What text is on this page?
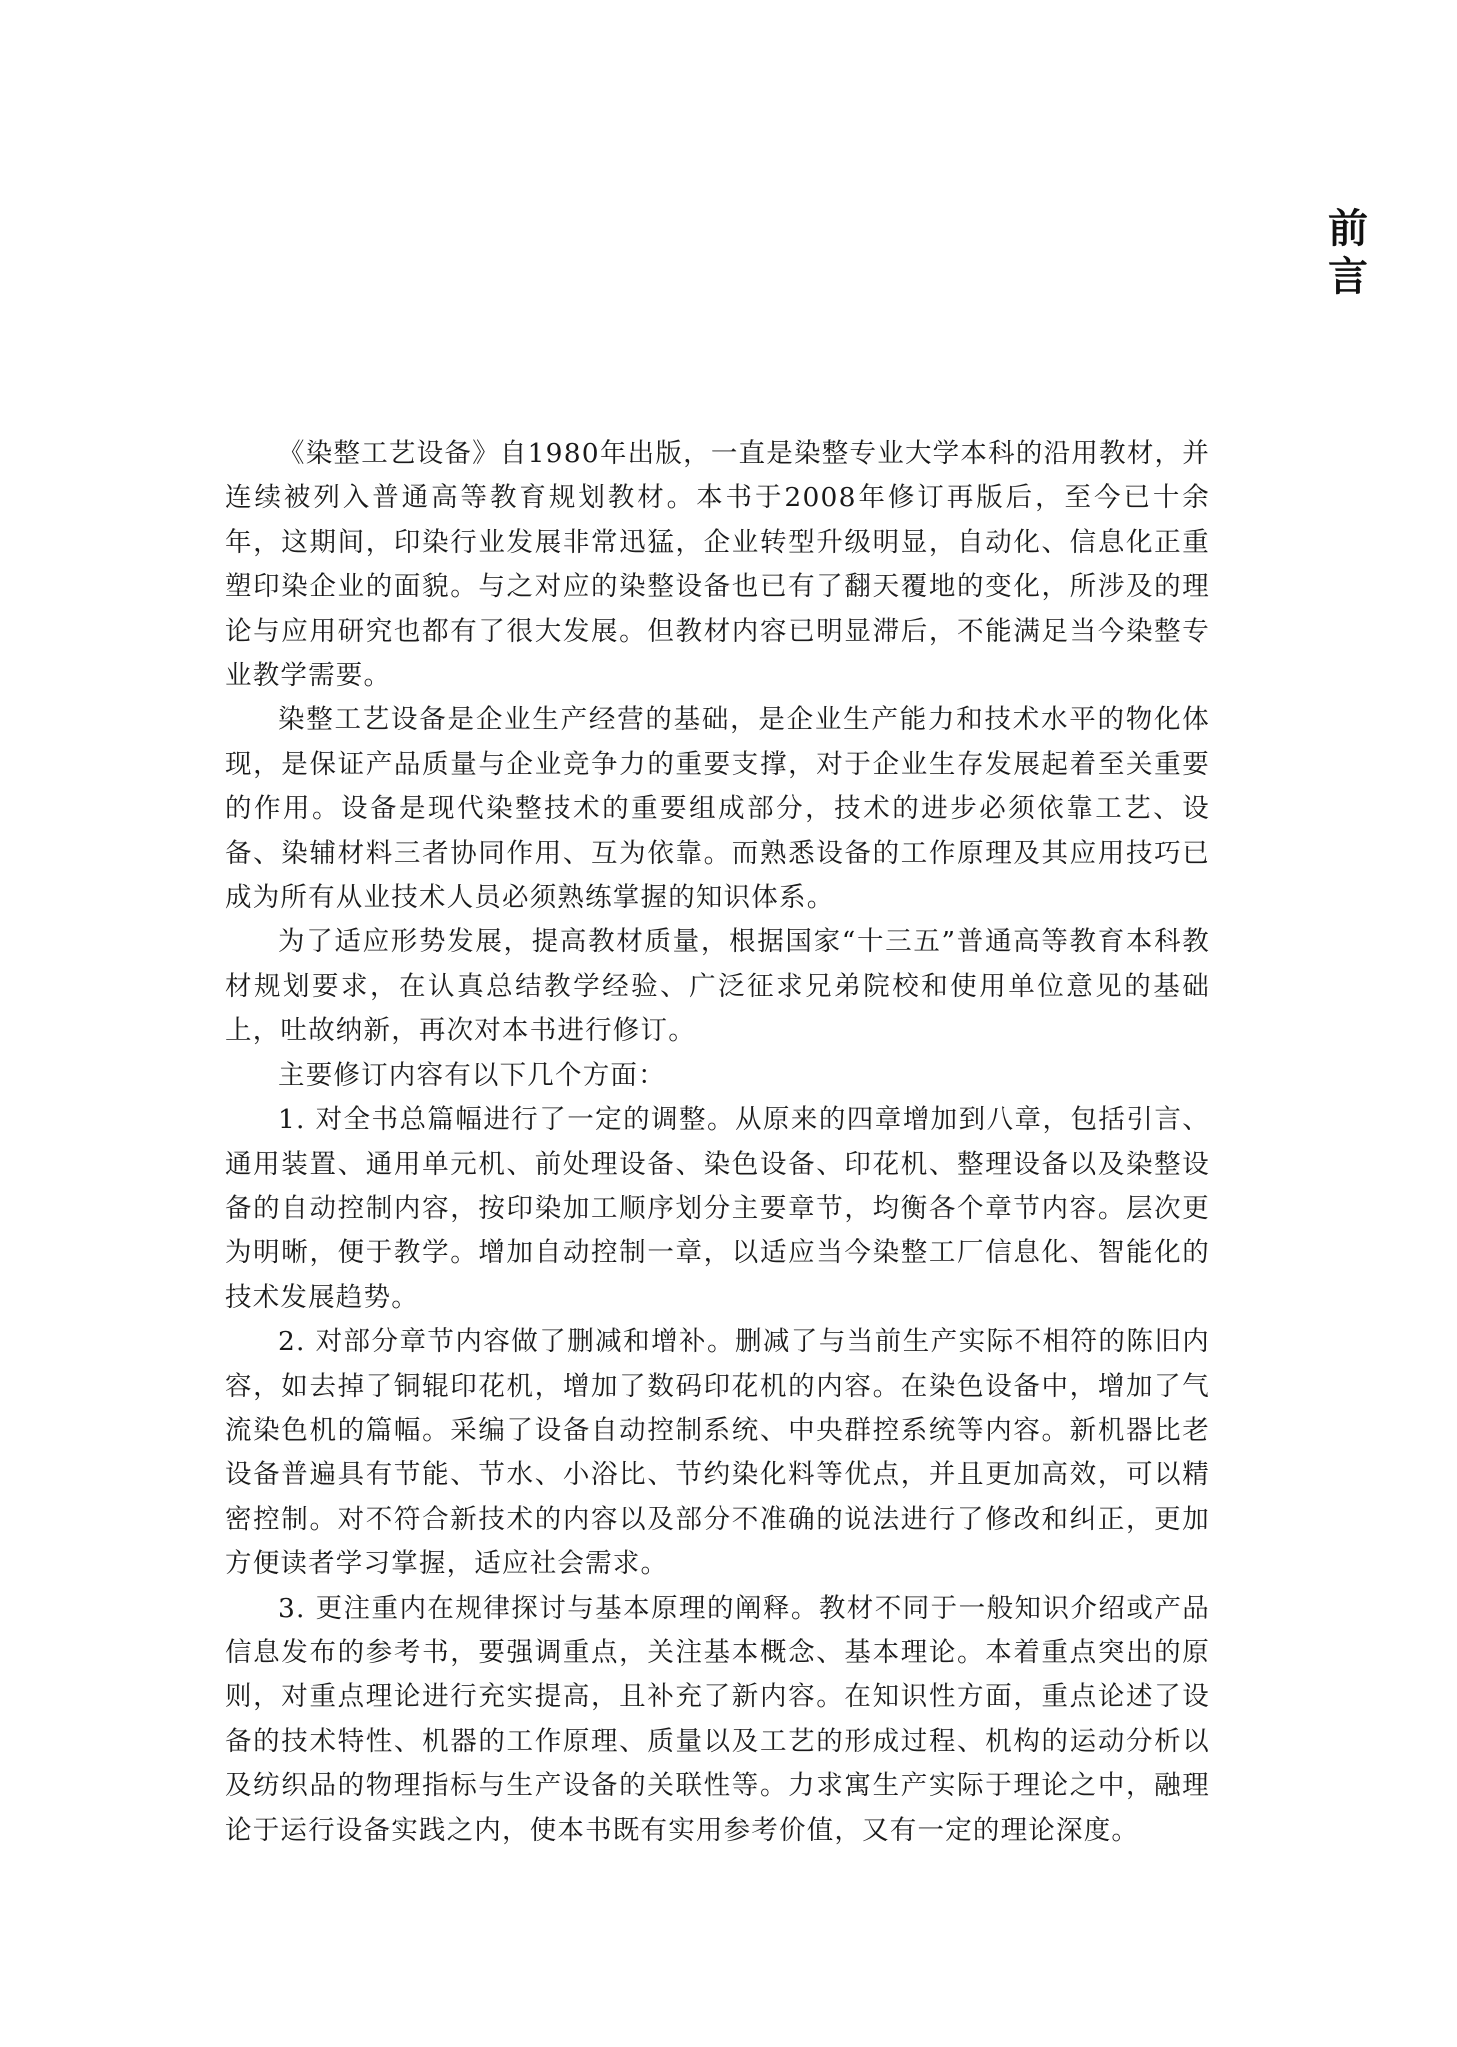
前
言

《染整工艺设备》自1980年出版，一直是染整专业大学本科的沿用教材，并连续被列入普通高等教育规划教材。本书于2008年修订再版后，至今已十余年，这期间，印染行业发展非常迅猛，企业转型升级明显，自动化、信息化正重塑印染企业的面貌。与之对应的染整设备也已有了翻天覆地的变化，所涉及的理论与应用研究也都有了很大发展。但教材内容已明显滞后，不能满足当今染整专业教学需要。

染整工艺设备是企业生产经营的基础，是企业生产能力和技术水平的物化体现，是保证产品质量与企业竞争力的重要支撑，对于企业生存发展起着至关重要的作用。设备是现代染整技术的重要组成部分，技术的进步必须依靠工艺、设备、染辅材料三者协同作用、互为依靠。而熟悉设备的工作原理及其应用技巧已成为所有从业技术人员必须熟练掌握的知识体系。

为了适应形势发展，提高教材质量，根据国家“十三五”普通高等教育本科教材规划要求，在认真总结教学经验、广泛征求兄弟院校和使用单位意见的基础上，吐故纳新，再次对本书进行修订。

主要修订内容有以下几个方面：

1. 对全书总篇幅进行了一定的调整。从原来的四章增加到八章，包括引言、通用装置、通用单元机、前处理设备、染色设备、印花机、整理设备以及染整设备的自动控制内容，按印染加工顺序划分主要章节，均衡各个章节内容。层次更为明晰，便于教学。增加自动控制一章，以适应当今染整工厂信息化、智能化的技术发展趋势。

2. 对部分章节内容做了删减和增补。删减了与当前生产实际不相符的陈旧内容，如去掉了铜辊印花机，增加了数码印花机的内容。在染色设备中，增加了气流染色机的篇幅。采编了设备自动控制系统、中央群控系统等内容。新机器比老设备普遍具有节能、节水、小浴比、节约染化料等优点，并且更加高效，可以精密控制。对不符合新技术的内容以及部分不准确的说法进行了修改和纠正，更加方便读者学习掌握，适应社会需求。

3. 更注重内在规律探讨与基本原理的阐释。教材不同于一般知识介绍或产品信息发布的参考书，要强调重点，关注基本概念、基本理论。本着重点突出的原则，对重点理论进行充实提高，且补充了新内容。在知识性方面，重点论述了设备的技术特性、机器的工作原理、质量以及工艺的形成过程、机构的运动分析以及纺织品的物理指标与生产设备的关联性等。力求寓生产实际于理论之中，融理论于运行设备实践之内，使本书既有实用参考价值，又有一定的理论深度。
